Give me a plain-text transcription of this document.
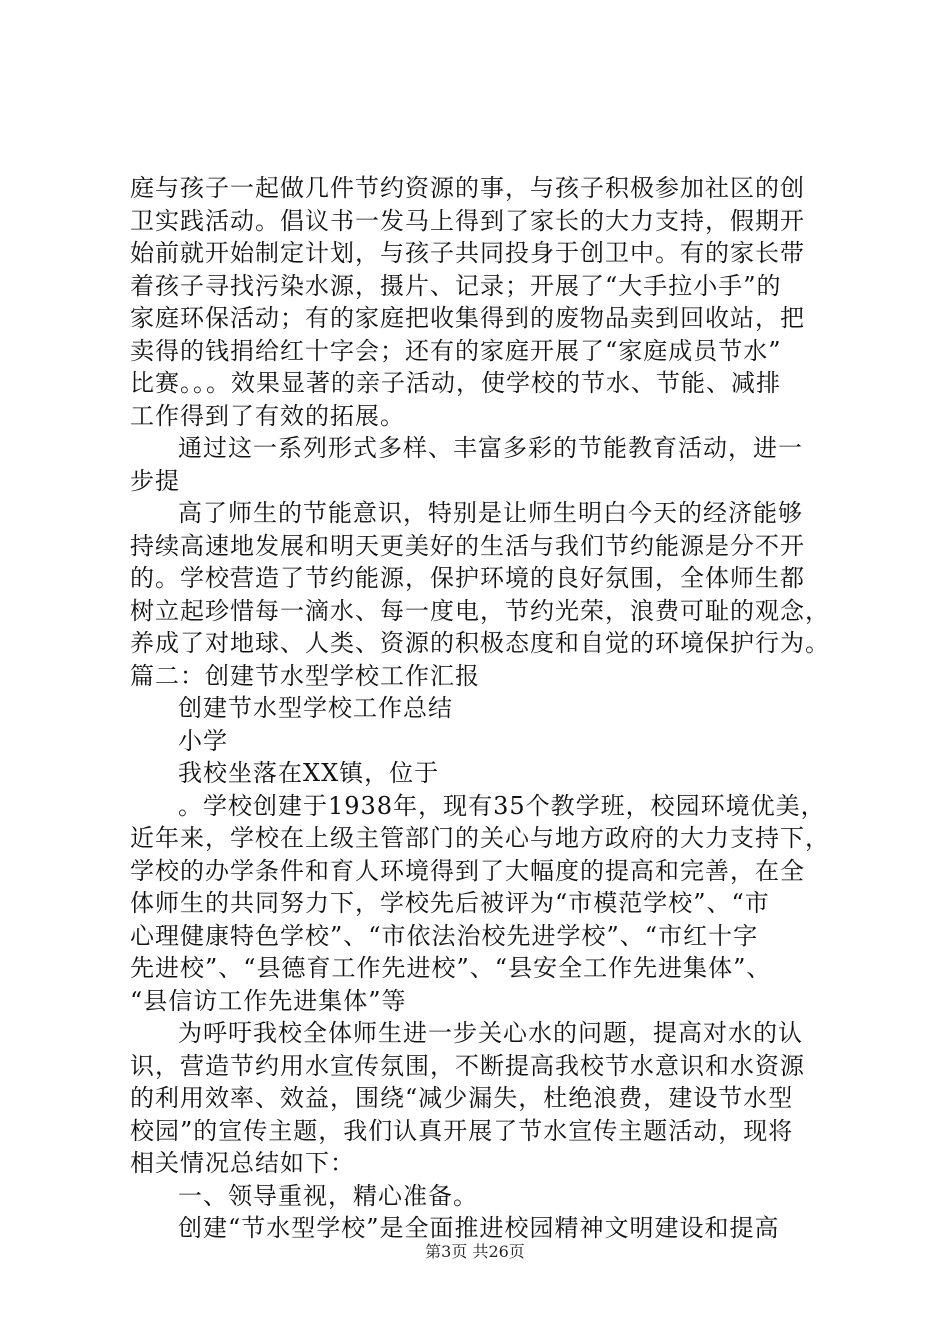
庭与孩子一起做几件节约资源的事，与孩子积极参加社区的创
卫实践活动。倡议书一发马上得到了家长的大力支持，假期开
始前就开始制定计划，与孩子共同投身于创卫中。有的家长带
着孩子寻找污染水源，摄片、记录；开展了“大手拉小手”的
家庭环保活动；有的家庭把收集得到的废物品卖到回收站，把
卖得的钱捐给红十字会；还有的家庭开展了“家庭成员节水”
比赛。。。效果显著的亲子活动，使学校的节水、节能、减排
工作得到了有效的拓展。
通过这一系列形式多样、丰富多彩的节能教育活动，进一
步提
高了师生的节能意识，特别是让师生明白今天的经济能够
持续高速地发展和明天更美好的生活与我们节约能源是分不开
的。学校营造了节约能源，保护环境的良好氛围，全体师生都
树立起珍惜每一滴水、每一度电，节约光荣，浪费可耻的观念，
养成了对地球、人类、资源的积极态度和自觉的环境保护行为。
篇二：创建节水型学校工作汇报
创建节水型学校工作总结
小学
我校坐落在XX镇，位于
。学校创建于1938年，现有35个教学班，校园环境优美，
近年来，学校在上级主管部门的关心与地方政府的大力支持下，
学校的办学条件和育人环境得到了大幅度的提高和完善，在全
体师生的共同努力下，学校先后被评为“市模范学校”、“市
心理健康特色学校”、“市依法治校先进学校”、“市红十字
先进校”、“县德育工作先进校”、“县安全工作先进集体”、
“县信访工作先进集体”等
为呼吁我校全体师生进一步关心水的问题，提高对水的认
识，营造节约用水宣传氛围，不断提高我校节水意识和水资源
的利用效率、效益，围绕“减少漏失，杜绝浪费，建设节水型
校园”的宣传主题，我们认真开展了节水宣传主题活动，现将
相关情况总结如下：
一、领导重视，精心准备。
创建“节水型学校”是全面推进校园精神文明建设和提高
第3页 共26页
